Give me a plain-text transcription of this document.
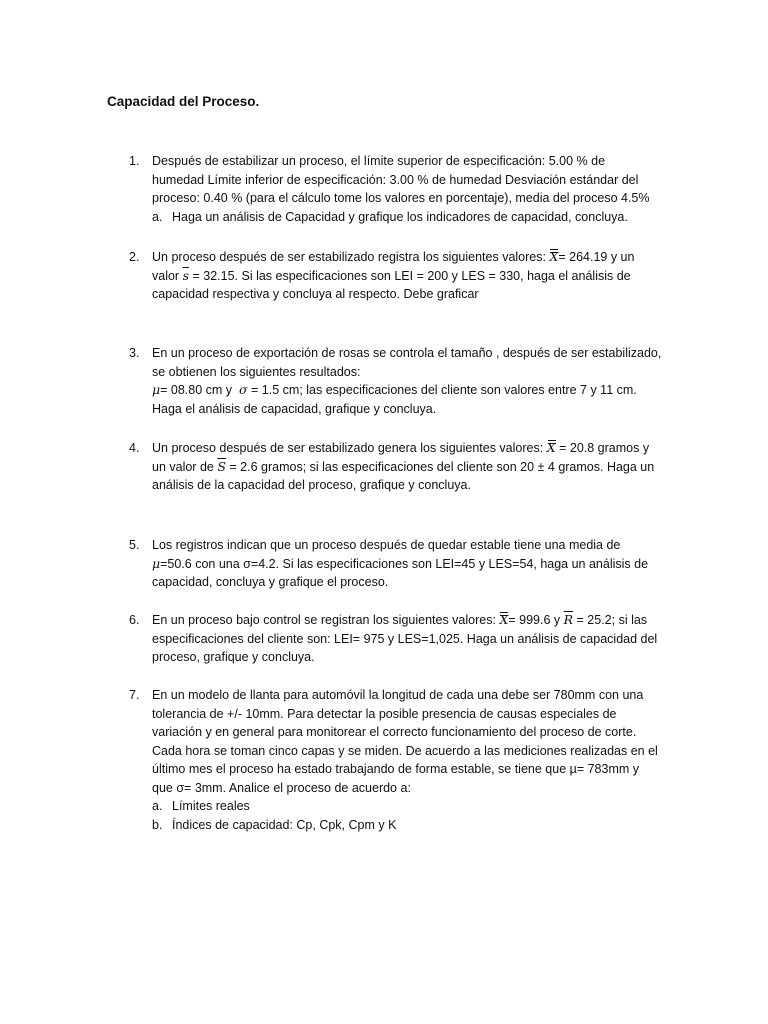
Capacidad del Proceso.
1. Después de estabilizar un proceso, el límite superior de especificación: 5.00 % de
humedad Límite inferior de especificación: 3.00 % de humedad Desviación estándar del
proceso: 0.40 % (para el cálculo tome los valores en porcentaje), media del proceso 4.5%
a. Haga un análisis de Capacidad y grafique los indicadores de capacidad, concluya.
2. Un proceso después de ser estabilizado registra los siguientes valores: X= 264.19 y un
valor $\overline{s} = 32.15$. Si las especificaciones son LEI = 200 y LES = 330, haga el análisis de
capacidad respectiva y concluya al respecto. Debe graficar
3. En un proceso de exportación de rosas se controla el tamaño , después de ser estabilizado,
se obtienen los siguientes resultados:
μ= 08.80 cm y σ = 1.5 cm; las especificaciones del cliente son valores entre 7 y 11 cm.
Haga el análisis de capacidad, grafique y concluya.
4. Un proceso después de ser estabilizado genera los siguientes valores: X = 20.8 gramos y
un valor de $\overline{S} = 2.6$ gramos; si las especificaciones del cliente son 20 ± 4 gramos. Haga un
análisis de la capacidad del proceso, grafique y concluya.
5. Los registros indican que un proceso después de quedar estable tiene una media de
μ=50.6 con una σ=4.2. Si las especificaciones son LEI=45 y LES=54, haga un análisis de
capacidad, concluya y grafique el proceso.
6. En un proceso bajo control se registran los siguientes valores: X= 999.6 y $\overline{R} = 25.2$; si las
especificaciones del cliente son: LEI= 975 y LES=1,025. Haga un análisis de capacidad del
proceso, grafique y concluya.
7. En un modelo de llanta para automóvil la longitud de cada una debe ser 780mm con una
tolerancia de +/- 10mm. Para detectar la posible presencia de causas especiales de
variación y en general para monitorear el correcto funcionamiento del proceso de corte.
Cada hora se toman cinco capas y se miden. De acuerdo a las mediciones realizadas en el
último mes el proceso ha estado trabajando de forma estable, se tiene que µ= 783mm y
que σ= 3mm. Analice el proceso de acuerdo a:
a. Límites reales
b. Índices de capacidad: Cp, Cpk, Cpm y K
